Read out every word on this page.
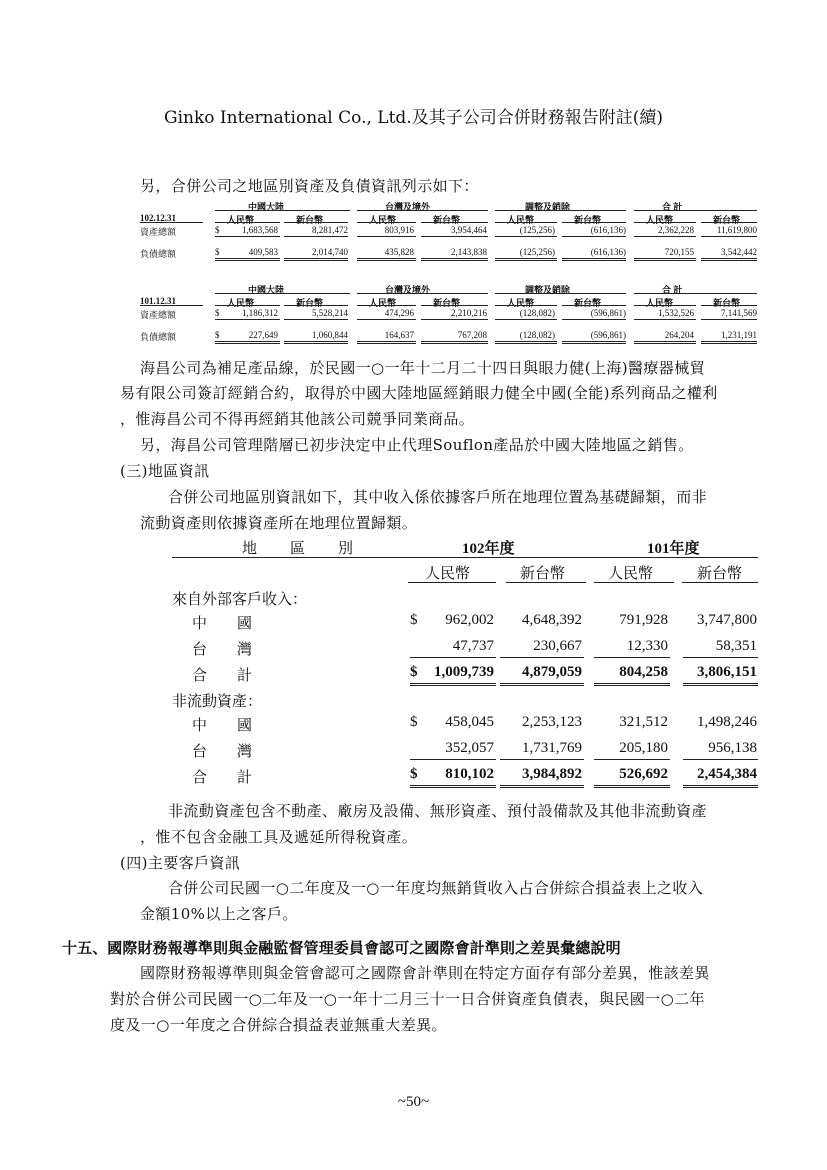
Ginko International Co., Ltd.及其子公司合併財務報告附註(續)
另，合併公司之地區別資產及負債資訊列示如下：
中國大陸	台灣及境外	調整及銷除	合 計
102.12.31	人民幣	新台幣	人民幣	新台幣	人民幣	新台幣	人民幣	新台幣
資產總額	$	1,683,568	8,281,472	803,916	3,954,464	(125,256)	(616,136)	2,362,228	11,619,800
負債總額	$	409,583	2,014,740	435,828	2,143,838	(125,256)	(616,136)	720,155	3,542,442
中國大陸	台灣及境外	調整及銷除	合 計
101.12.31	人民幣	新台幣	人民幣	新台幣	人民幣	新台幣	人民幣	新台幣
資產總額	$	1,186,312	5,528,214	474,296	2,210,216	(128,082)	(596,861)	1,532,526	7,141,569
負債總額	$	227,649	1,060,844	164,637	767,208	(128,082)	(596,861)	264,204	1,231,191
海昌公司為補足產品線，於民國一○一年十二月二十四日與眼力健(上海)醫療器械貿
易有限公司簽訂經銷合約，取得於中國大陸地區經銷眼力健全中國(全能)系列商品之權利
，惟海昌公司不得再經銷其他該公司競爭同業商品。
另，海昌公司管理階層已初步決定中止代理Souflon產品於中國大陸地區之銷售。
(三)地區資訊
合併公司地區別資訊如下，其中收入係依據客戶所在地理位置為基礎歸類，而非
流動資產則依據資產所在地理位置歸類。
地　　區　　別	102年度	101年度
人民幣	新台幣	人民幣	新台幣
來自外部客戶收入：
中　　國	$ 962,002 4,648,392 791,928 3,747,800
台　　灣	47,737	230,667	12,330	58,351
合　　計	$ 1,009,739 4,879,059 804,258 3,806,151
非流動資產：
中　　國	$ 458,045 2,253,123 321,512 1,498,246
台　　灣	352,057 1,731,769 205,180	956,138
合　　計	$ 810,102 3,984,892 526,692 2,454,384
非流動資產包含不動產、廠房及設備、無形資產、預付設備款及其他非流動資產
，惟不包含金融工具及遞延所得稅資產。
(四)主要客戶資訊
合併公司民國一○二年度及一○一年度均無銷貨收入占合併綜合損益表上之收入
金額10%以上之客戶。
十五、國際財務報導準則與金融監督管理委員會認可之國際會計準則之差異彙總說明
國際財務報導準則與金管會認可之國際會計準則在特定方面存有部分差異，惟該差異
對於合併公司民國一○二年及一○一年十二月三十一日合併資產負債表，與民國一○二年
度及一○一年度之合併綜合損益表並無重大差異。
~50~
